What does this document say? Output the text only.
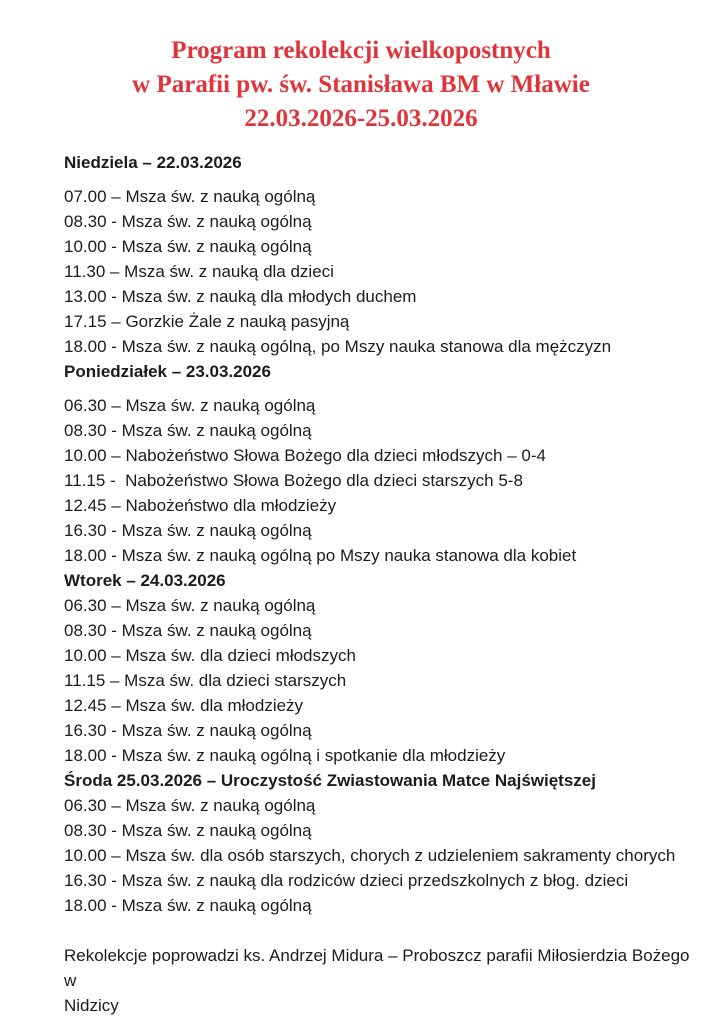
Program rekolekcji wielkopostnych
w Parafii pw. św. Stanisława BM w Mławie
22.03.2026-25.03.2026
Niedziela – 22.03.2026
07.00 – Msza św. z nauką ogólną
08.30 - Msza św. z nauką ogólną
10.00 - Msza św. z nauką ogólną
11.30 – Msza św. z nauką dla dzieci
13.00 - Msza św. z nauką dla młodych duchem
17.15 – Gorzkie Żale z nauką pasyjną
18.00 - Msza św. z nauką ogólną, po Mszy nauka stanowa dla mężczyzn
Poniedziałek – 23.03.2026
06.30 – Msza św. z nauką ogólną
08.30 - Msza św. z nauką ogólną
10.00 – Nabożeństwo Słowa Bożego dla dzieci młodszych – 0-4
11.15 -  Nabożeństwo Słowa Bożego dla dzieci starszych 5-8
12.45 – Nabożeństwo dla młodzieży
16.30 - Msza św. z nauką ogólną
18.00 - Msza św. z nauką ogólną po Mszy nauka stanowa dla kobiet
Wtorek – 24.03.2026
06.30 – Msza św. z nauką ogólną
08.30 - Msza św. z nauką ogólną
10.00 – Msza św. dla dzieci młodszych
11.15 – Msza św. dla dzieci starszych
12.45 – Msza św. dla młodzieży
16.30 - Msza św. z nauką ogólną
18.00 - Msza św. z nauką ogólną i spotkanie dla młodzieży
Środa 25.03.2026 – Uroczystość Zwiastowania Matce Najświętszej
06.30 – Msza św. z nauką ogólną
08.30 - Msza św. z nauką ogólną
10.00 – Msza św. dla osób starszych, chorych z udzieleniem sakramenty chorych
16.30 - Msza św. z nauką dla rodziców dzieci przedszkolnych z błog. dzieci
18.00 - Msza św. z nauką ogólną
Rekolekcje poprowadzi ks. Andrzej Midura – Proboszcz parafii Miłosierdzia Bożego w
Nidzicy
